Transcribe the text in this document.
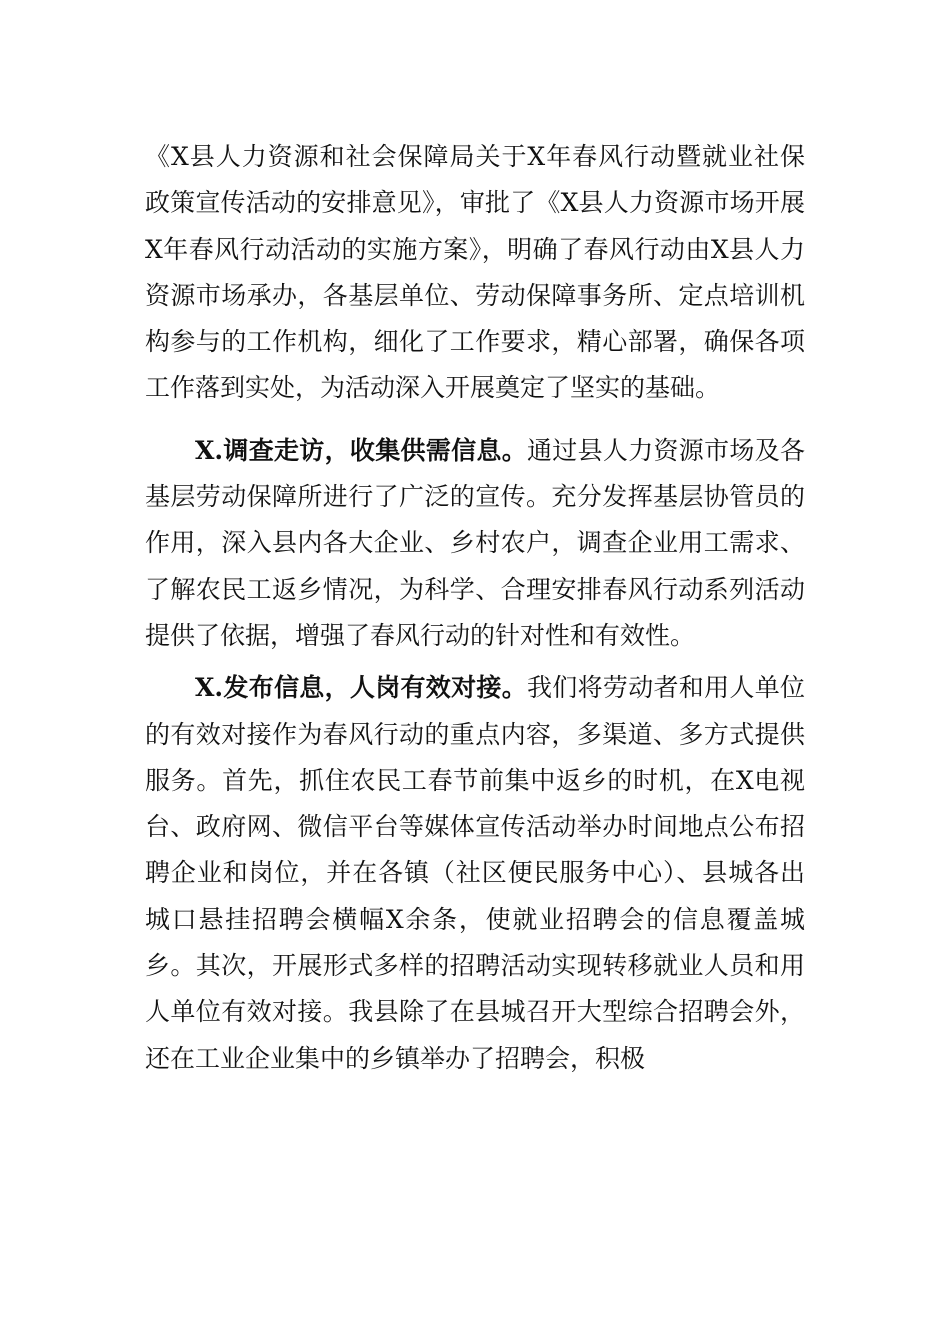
《X县人力资源和社会保障局关于X年春风行动暨就业社保政策宣传活动的安排意见》，审批了《X县人力资源市场开展X年春风行动活动的实施方案》，明确了春风行动由X县人力资源市场承办，各基层单位、劳动保障事务所、定点培训机构参与的工作机构，细化了工作要求，精心部署，确保各项工作落到实处，为活动深入开展奠定了坚实的基础。

X.调查走访，收集供需信息。通过县人力资源市场及各基层劳动保障所进行了广泛的宣传。充分发挥基层协管员的作用，深入县内各大企业、乡村农户，调查企业用工需求、了解农民工返乡情况，为科学、合理安排春风行动系列活动提供了依据，增强了春风行动的针对性和有效性。

X.发布信息，人岗有效对接。我们将劳动者和用人单位的有效对接作为春风行动的重点内容，多渠道、多方式提供服务。首先，抓住农民工春节前集中返乡的时机，在X电视台、政府网、微信平台等媒体宣传活动举办时间地点公布招聘企业和岗位，并在各镇（社区便民服务中心）、县城各出城口悬挂招聘会横幅X余条，使就业招聘会的信息覆盖城乡。其次，开展形式多样的招聘活动实现转移就业人员和用人单位有效对接。我县除了在县城召开大型综合招聘会外，还在工业企业集中的乡镇举办了招聘会，积极
